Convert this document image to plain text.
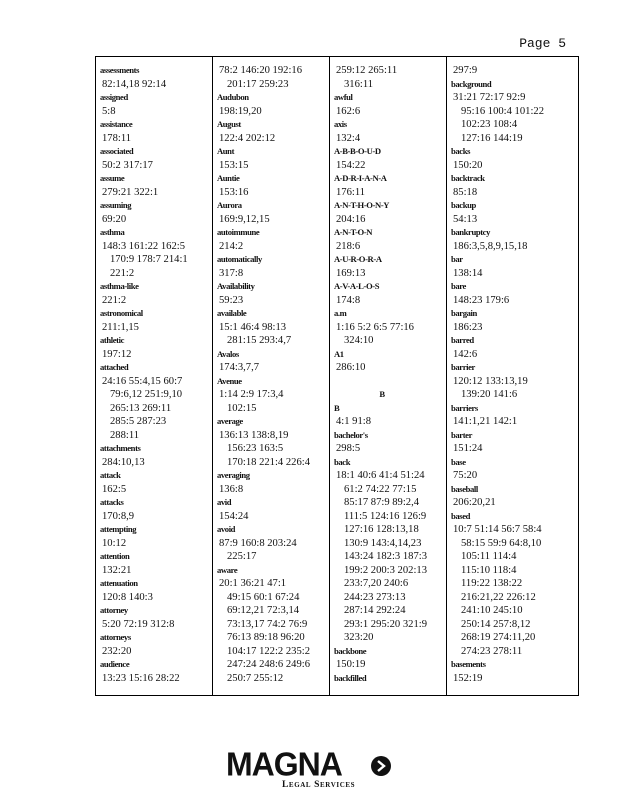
Page 5
assessments
82:14,18 92:14
assigned
5:8
assistance
178:11
associated
50:2 317:17
assume
279:21 322:1
assuming
69:20
asthma
148:3 161:22 162:5
170:9 178:7 214:1
221:2
asthma-like
221:2
astronomical
211:1,15
athletic
197:12
attached
24:16 55:4,15 60:7
79:6,12 251:9,10
265:13 269:11
285:5 287:23
288:11
attachments
284:10,13
attack
162:5
attacks
170:8,9
attempting
10:12
attention
132:21
attenuation
120:8 140:3
attorney
5:20 72:19 312:8
attorneys
232:20
audience
13:23 15:16 28:22
78:2 146:20 192:16
201:17 259:23
Audubon
198:19,20
August
122:4 202:12
Aunt
153:15
Auntie
153:16
Aurora
169:9,12,15
autoimmune
214:2
automatically
317:8
Availability
59:23
available
15:1 46:4 98:13
281:15 293:4,7
Avalos
174:3,7,7
Avenue
1:14 2:9 17:3,4
102:15
average
136:13 138:8,19
156:23 163:5
170:18 221:4 226:4
averaging
136:8
avid
154:24
avoid
87:9 160:8 203:24
225:17
aware
20:1 36:21 47:1
49:15 60:1 67:24
69:12,21 72:3,14
73:13,17 74:2 76:9
76:13 89:18 96:20
104:17 122:2 235:2
247:24 248:6 249:6
250:7 255:12
259:12 265:11
316:11
awful
162:6
axis
132:4
A-B-B-O-U-D
154:22
A-D-R-I-A-N-A
176:11
A-N-T-H-O-N-Y
204:16
A-N-T-O-N
218:6
A-U-R-O-R-A
169:13
A-V-A-L-O-S
174:8
a.m
1:16 5:2 6:5 77:16
324:10
A1
286:10

B
B
4:1 91:8
bachelor's
298:5
back
18:1 40:6 41:4 51:24
61:2 74:22 77:15
85:17 87:9 89:2,4
111:5 124:16 126:9
127:16 128:13,18
130:9 143:4,14,23
143:24 182:3 187:3
199:2 200:3 202:13
233:7,20 240:6
244:23 273:13
287:14 292:24
293:1 295:20 321:9
323:20
backbone
150:19
backfilled
297:9
background
31:21 72:17 92:9
95:16 100:4 101:22
102:23 108:4
127:16 144:19
backs
150:20
backtrack
85:18
backup
54:13
bankruptcy
186:3,5,8,9,15,18
bar
138:14
bare
148:23 179:6
bargain
186:23
barred
142:6
barrier
120:12 133:13,19
139:20 141:6
barriers
141:1,21 142:1
barter
151:24
base
75:20
baseball
206:20,21
based
10:7 51:14 56:7 58:4
58:15 59:9 64:8,10
105:11 114:4
115:10 118:4
119:22 138:22
216:21,22 226:12
241:10 245:10
250:14 257:8,12
268:19 274:11,20
274:23 278:11
basements
152:19
MAGNA
Legal Services
